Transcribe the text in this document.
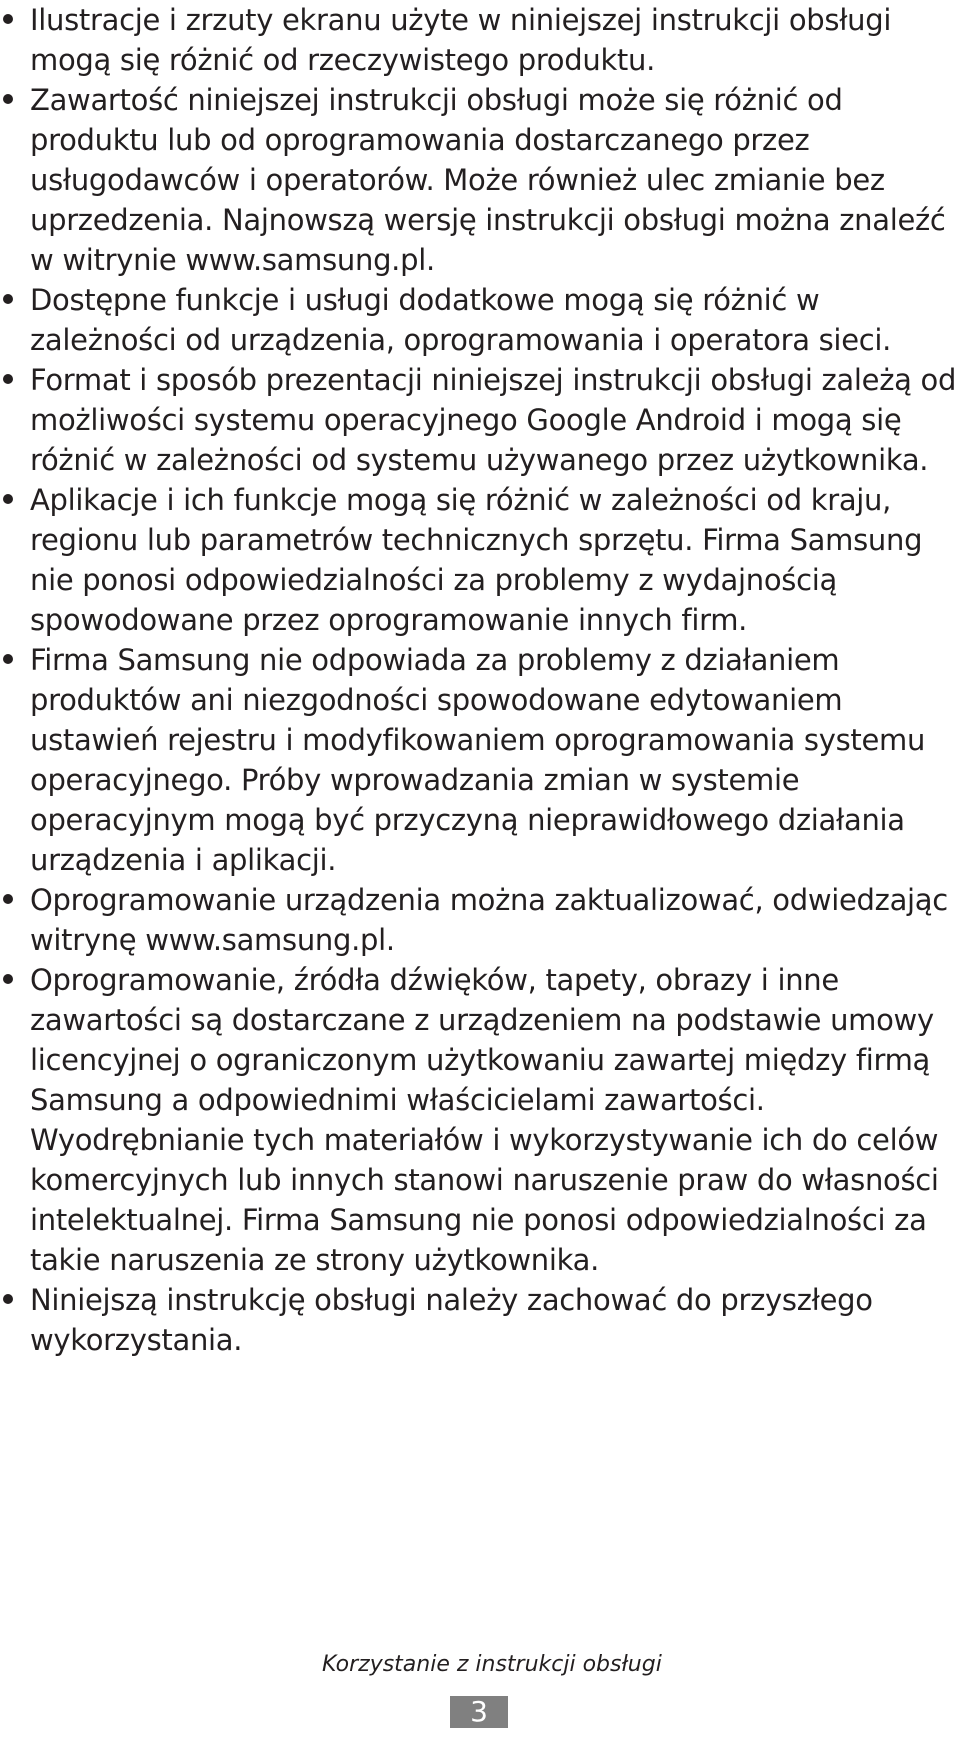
Ilustracje i zrzuty ekranu użyte w niniejszej instrukcji obsługi mogą się różnić od rzeczywistego produktu.
Zawartość niniejszej instrukcji obsługi może się różnić od produktu lub od oprogramowania dostarczanego przez usługodawców i operatorów. Może również ulec zmianie bez uprzedzenia. Najnowszą wersję instrukcji obsługi można znaleźć w witrynie www.samsung.pl.
Dostępne funkcje i usługi dodatkowe mogą się różnić w zależności od urządzenia, oprogramowania i operatora sieci.
Format i sposób prezentacji niniejszej instrukcji obsługi zależą od możliwości systemu operacyjnego Google Android i mogą się różnić w zależności od systemu używanego przez użytkownika.
Aplikacje i ich funkcje mogą się różnić w zależności od kraju, regionu lub parametrów technicznych sprzętu. Firma Samsung nie ponosi odpowiedzialności za problemy z wydajnością spowodowane przez oprogramowanie innych firm.
Firma Samsung nie odpowiada za problemy z działaniem produktów ani niezgodności spowodowane edytowaniem ustawień rejestru i modyfikowaniem oprogramowania systemu operacyjnego. Próby wprowadzania zmian w systemie operacyjnym mogą być przyczyną nieprawidłowego działania urządzenia i aplikacji.
Oprogramowanie urządzenia można zaktualizować, odwiedzając witrynę www.samsung.pl.
Oprogramowanie, źródła dźwięków, tapety, obrazy i inne zawartości są dostarczane z urządzeniem na podstawie umowy licencyjnej o ograniczonym użytkowaniu zawartej między firmą Samsung a odpowiednimi właścicielami zawartości. Wyodrębnianie tych materiałów i wykorzystywanie ich do celów komercyjnych lub innych stanowi naruszenie praw do własności intelektualnej. Firma Samsung nie ponosi odpowiedzialności za takie naruszenia ze strony użytkownika.
Niniejszą instrukcję obsługi należy zachować do przyszłego wykorzystania.
Korzystanie z instrukcji obsługi
3
